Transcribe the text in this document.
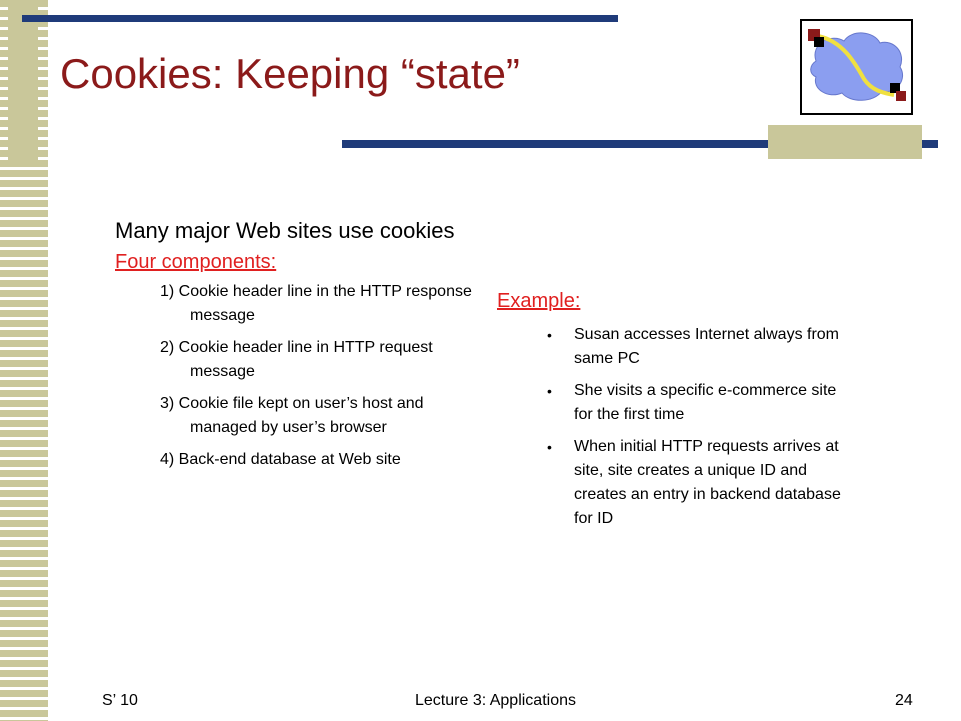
Cookies: Keeping “state”

Many major Web sites use cookies

Four components:
1) Cookie header line in the HTTP response message
2) Cookie header line in HTTP request message
3) Cookie file kept on user’s host and managed by user’s browser
4) Back-end database at Web site
Example:
• Susan accesses Internet always from same PC
• She visits a specific e-commerce site for the first time
• When initial HTTP requests arrives at site, site creates a unique ID and creates an entry in backend database for ID
S’ 10	Lecture 3: Applications	24
